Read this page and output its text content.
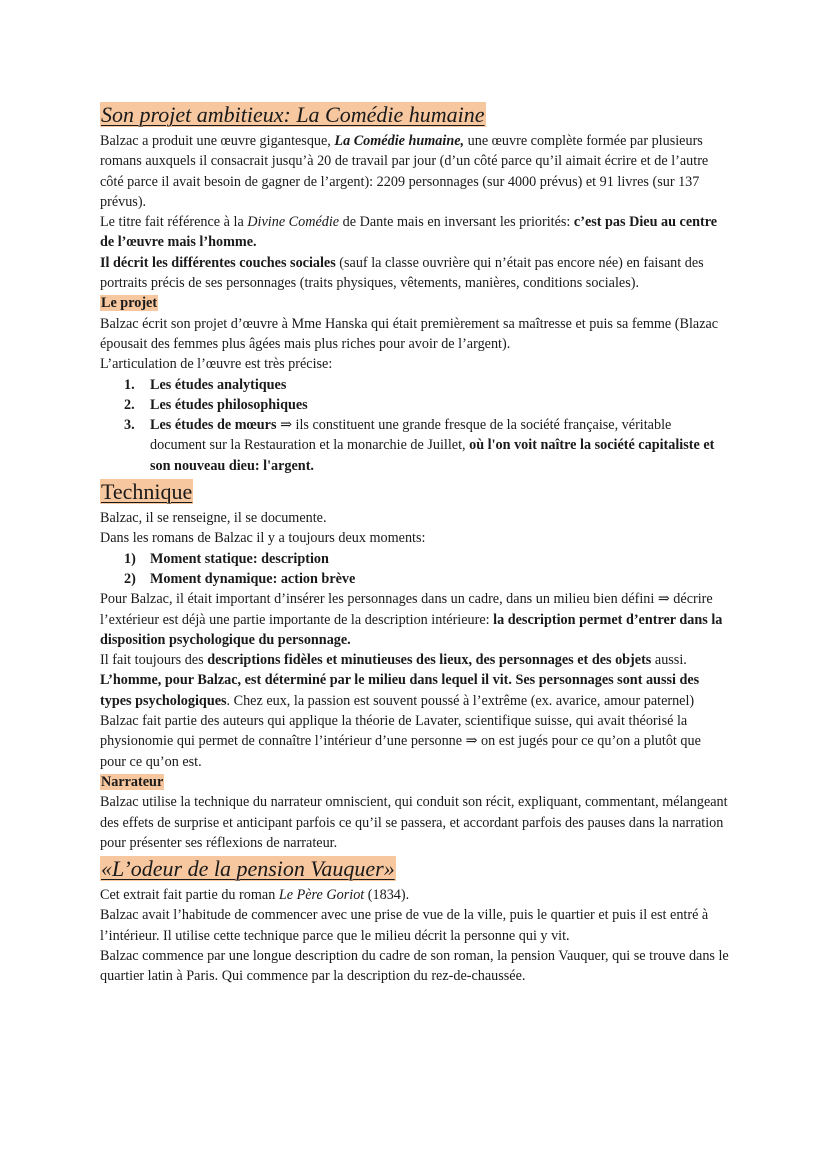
Son projet ambitieux: La Comédie humaine

Balzac a produit une œuvre gigantesque, La Comédie humaine, une œuvre complète formée par plusieurs romans auxquels il consacrait jusqu’à 20 de travail par jour (d’un côté parce qu’il aimait écrire et de l’autre côté parce il avait besoin de gagner de l’argent): 2209 personnages (sur 4000 prévus) et 91 livres (sur 137 prévus).

Le titre fait référence à la Divine Comédie de Dante mais en inversant les priorités: c’est pas Dieu au centre de l’œuvre mais l’homme.

Il décrit les différentes couches sociales (sauf la classe ouvrière qui n’était pas encore née) en faisant des portraits précis de ses personnages (traits physiques, vêtements, manières, conditions sociales).

Le projet

Balzac écrit son projet d’œuvre à Mme Hanska qui était premièrement sa maîtresse et puis sa femme (Blazac épousait des femmes plus âgées mais plus riches pour avoir de l’argent).

L’articulation de l’œuvre est très précise:

1. Les études analytiques
2. Les études philosophiques
3. Les études de mœurs ⇒ ils constituent une grande fresque de la société française, véritable document sur la Restauration et la monarchie de Juillet, où l'on voit naître la société capitaliste et son nouveau dieu: l'argent.

Technique

Balzac, il se renseigne, il se documente.

Dans les romans de Balzac il y a toujours deux moments:

1) Moment statique: description
2) Moment dynamique: action brève

Pour Balzac, il était important d’insérer les personnages dans un cadre, dans un milieu bien défini ⇒ décrire l’extérieur est déjà une partie importante de la description intérieure: la description permet d’entrer dans la disposition psychologique du personnage.

Il fait toujours des descriptions fidèles et minutieuses des lieux, des personnages et des objets aussi.

L’homme, pour Balzac, est déterminé par le milieu dans lequel il vit. Ses personnages sont aussi des types psychologiques. Chez eux, la passion est souvent poussé à l’extrême (ex. avarice, amour paternel)

Balzac fait partie des auteurs qui applique la théorie de Lavater, scientifique suisse, qui avait théorisé la physionomie qui permet de connaître l’intérieur d’une personne ⇒ on est jugés pour ce qu’on a plutôt que pour ce qu’on est.

Narrateur

Balzac utilise la technique du narrateur omniscient, qui conduit son récit, expliquant, commentant, mélangeant des effets de surprise et anticipant parfois ce qu’il se passera, et accordant parfois des pauses dans la narration pour présenter ses réflexions de narrateur.

«L’odeur de la pension Vauquer»

Cet extrait fait partie du roman Le Père Goriot (1834).

Balzac avait l’habitude de commencer avec une prise de vue de la ville, puis le quartier et puis il est entré à l’intérieur. Il utilise cette technique parce que le milieu décrit la personne qui y vit.

Balzac commence par une longue description du cadre de son roman, la pension Vauquer, qui se trouve dans le quartier latin à Paris. Qui commence par la description du rez-de-chaussée.
